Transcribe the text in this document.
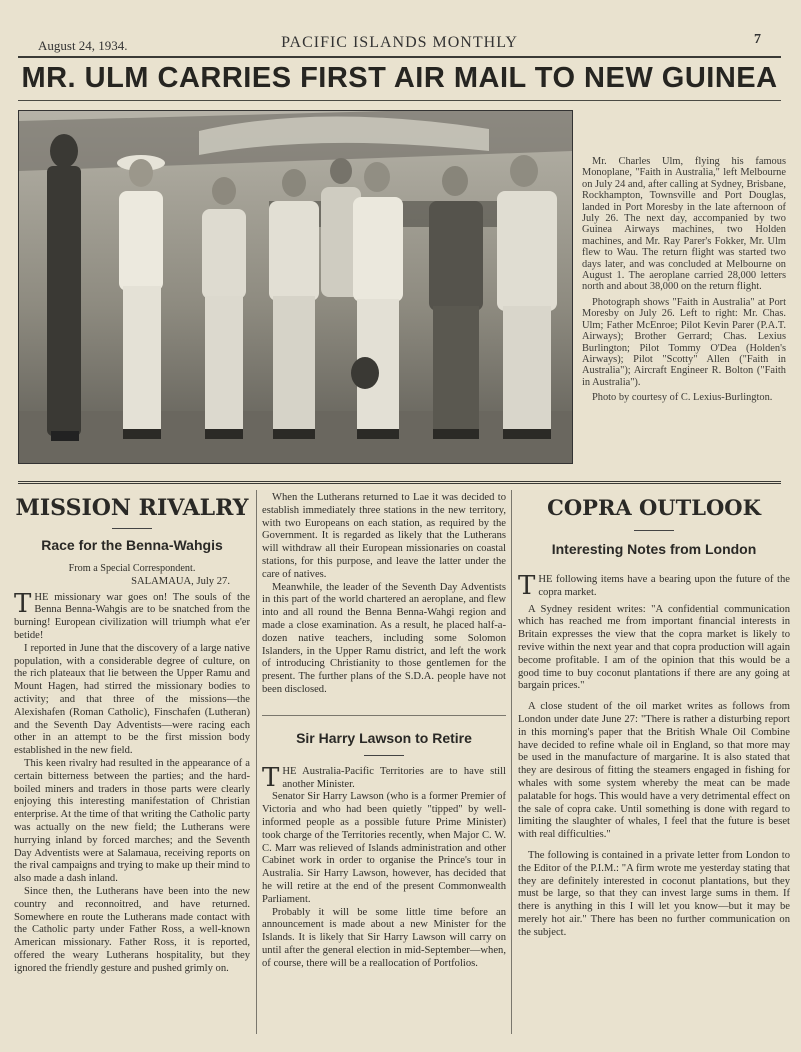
August 24, 1934.	PACIFIC ISLANDS MONTHLY	7
MR. ULM CARRIES FIRST AIR MAIL TO NEW GUINEA

Mr. Charles Ulm, flying his famous Monoplane, "Faith in Australia," left Melbourne on July 24 and, after calling at Sydney, Brisbane, Rockhampton, Townsville and Port Douglas, landed in Port Moresby in the late afternoon of July 26. The next day, accompanied by two Guinea Airways machines, two Holden machines, and Mr. Ray Parer's Fokker, Mr. Ulm flew to Wau. The return flight was started two days later, and was concluded at Melbourne on August 1. The aeroplane carried 28,000 letters north and about 38,000 on the return flight.

Photograph shows "Faith in Australia" at Port Moresby on July 26. Left to right: Mr. Chas. Ulm; Father McEnroe; Pilot Kevin Parer (P.A.T. Airways); Brother Gerrard; Chas. Lexius Burlington; Pilot Tommy O'Dea (Holden's Airways); Pilot "Scotty" Allen ("Faith in Australia"); Aircraft Engineer R. Bolton ("Faith in Australia").

Photo by courtesy of C. Lexius-Burlington.

MISSION RIVALRY
Race for the Benna-Wahgis
From a Special Correspondent.
SALAMAUA, July 27.

THE missionary war goes on! The souls of the Benna Benna-Wahgis are to be snatched from the burning! European civilization will triumph what e'er betide!

I reported in June that the discovery of a large native population, with a considerable degree of culture, on the rich plateaux that lie between the Upper Ramu and Mount Hagen, had stirred the missionary bodies to activity; and that three of the missions—the Alexishafen (Roman Catholic), Finschafen (Lutheran) and the Seventh Day Adventists—were racing each other in an attempt to be the first mission body established in the new field.

This keen rivalry had resulted in the appearance of a certain bitterness between the parties; and the hard-boiled miners and traders in those parts were clearly enjoying this interesting manifestation of Christian enterprise. At the time of that writing the Catholic party was actually on the new field; the Lutherans were hurrying inland by forced marches; and the Seventh Day Adventists were at Salamaua, receiving reports on the rival campaigns and trying to make up their mind to also made a dash inland.

Since then, the Lutherans have been into the new country and reconnoitred, and have returned. Somewhere en route the Lutherans made contact with the Catholic party under Father Ross, a well-known American missionary. Father Ross, it is reported, offered the weary Lutherans hospitality, but they ignored the friendly gesture and pushed grimly on.

When the Lutherans returned to Lae it was decided to establish immediately three stations in the new territory, with two Europeans on each station, as required by the Government. It is regarded as likely that the Lutherans will withdraw all their European missionaries on coastal stations, for this purpose, and leave the latter under the care of natives.

Meanwhile, the leader of the Seventh Day Adventists in this part of the world chartered an aeroplane, and flew into and all round the Benna Benna-Wahgi region and made a close examination. As a result, he placed half-a-dozen native teachers, including some Solomon Islanders, in the Upper Ramu district, and left the work of introducing Christianity to those gentlemen for the present. The further plans of the S.D.A. people have not been disclosed.

Sir Harry Lawson to Retire

THE Australia-Pacific Territories are to have still another Minister.

Senator Sir Harry Lawson (who is a former Premier of Victoria and who had been quietly "tipped" by well-informed people as a possible future Prime Minister) took charge of the Territories recently, when Major C. W. C. Marr was relieved of Islands administration and other Cabinet work in order to organise the Prince's tour in Australia. Sir Harry Lawson, however, has decided that he will retire at the end of the present Commonwealth Parliament.

Probably it will be some little time before an announcement is made about a new Minister for the Islands. It is likely that Sir Harry Lawson will carry on until after the general election in mid-September—when, of course, there will be a reallocation of Portfolios.

COPRA OUTLOOK
Interesting Notes from London

THE following items have a bearing upon the future of the copra market.

A Sydney resident writes: "A confidential communication which has reached me from important financial interests in Britain expresses the view that the copra market is likely to revive within the next year and that copra production will again become profitable. I am of the opinion that this would be a good time to buy coconut plantations if there are any going at bargain prices."

A close student of the oil market writes as follows from London under date June 27: "There is rather a disturbing report in this morning's paper that the British Whale Oil Combine have decided to refine whale oil in England, so that more may be used in the manufacture of margarine. It is also stated that they are desirous of fitting the steamers engaged in fishing for whales with some system whereby the meat can be made palatable for hogs. This would have a very detrimental effect on the sale of copra cake. Until something is done with regard to limiting the slaughter of whales, I feel that the future is beset with real difficulties."

The following is contained in a private letter from London to the Editor of the P.I.M.: "A firm wrote me yesterday stating that they are definitely interested in coconut plantations, but they must be large, so that they can invest large sums in them. If there is anything in this I will let you know—but it may be merely hot air." There has been no further communication on the subject.
